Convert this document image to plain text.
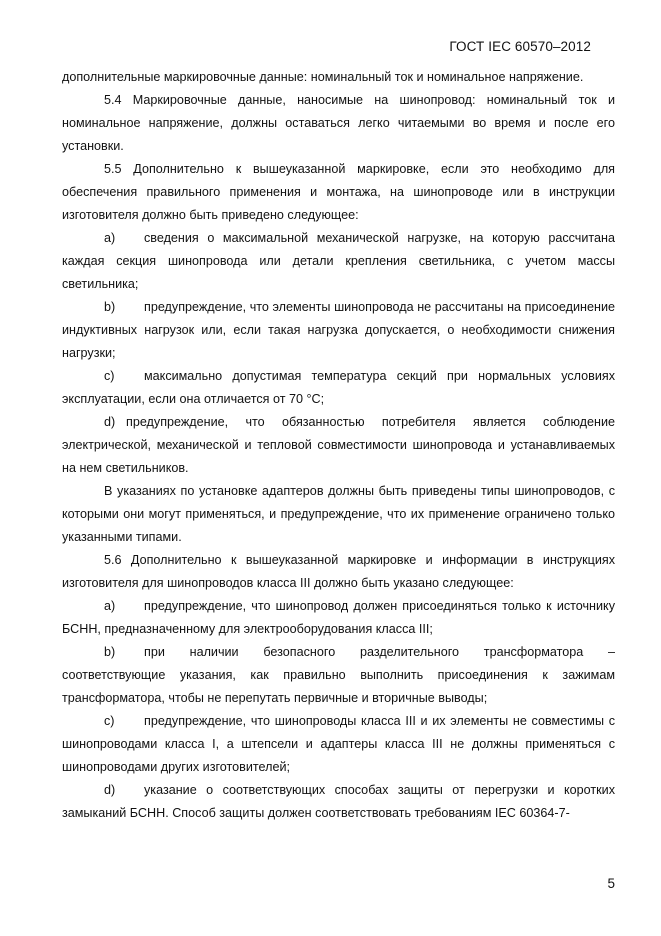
ГОСТ IEC 60570–2012

дополнительные маркировочные данные: номинальный ток и номинальное напряжение.

5.4 Маркировочные данные, наносимые на шинопровод: номинальный ток и номинальное напряжение, должны оставаться легко читаемыми во время и после его установки.

5.5 Дополнительно к вышеуказанной маркировке, если это необходимо для обеспечения правильного применения и монтажа, на шинопроводе или в инструкции изготовителя должно быть приведено следующее:

a) сведения о максимальной механической нагрузке, на которую рассчитана каждая секция шинопровода или детали крепления светильника, с учетом массы светильника;

b) предупреждение, что элементы шинопровода не рассчитаны на присоединение индуктивных нагрузок или, если такая нагрузка допускается, о необходимости снижения нагрузки;

c) максимально допустимая температура секций при нормальных условиях эксплуатации, если она отличается от 70 °C;

d) предупреждение, что обязанностью потребителя является соблюдение электрической, механической и тепловой совместимости шинопровода и устанавливаемых на нем светильников.

В указаниях по установке адаптеров должны быть приведены типы шинопроводов, с которыми они могут применяться, и предупреждение, что их применение ограничено только указанными типами.

5.6 Дополнительно к вышеуказанной маркировке и информации в инструкциях изготовителя для шинопроводов класса III должно быть указано следующее:

a) предупреждение, что шинопровод должен присоединяться только к источнику БСНН, предназначенному для электрооборудования класса III;

b) при наличии безопасного разделительного трансформатора – соответствующие указания, как правильно выполнить присоединения к зажимам трансформатора, чтобы не перепутать первичные и вторичные выводы;

c) предупреждение, что шинопроводы класса III и их элементы не совместимы с шинопроводами класса I, а штепсели и адаптеры класса III не должны применяться с шинопроводами других изготовителей;

d) указание о соответствующих способах защиты от перегрузки и коротких замыканий БСНН. Способ защиты должен соответствовать требованиям IEC 60364-7-

5
